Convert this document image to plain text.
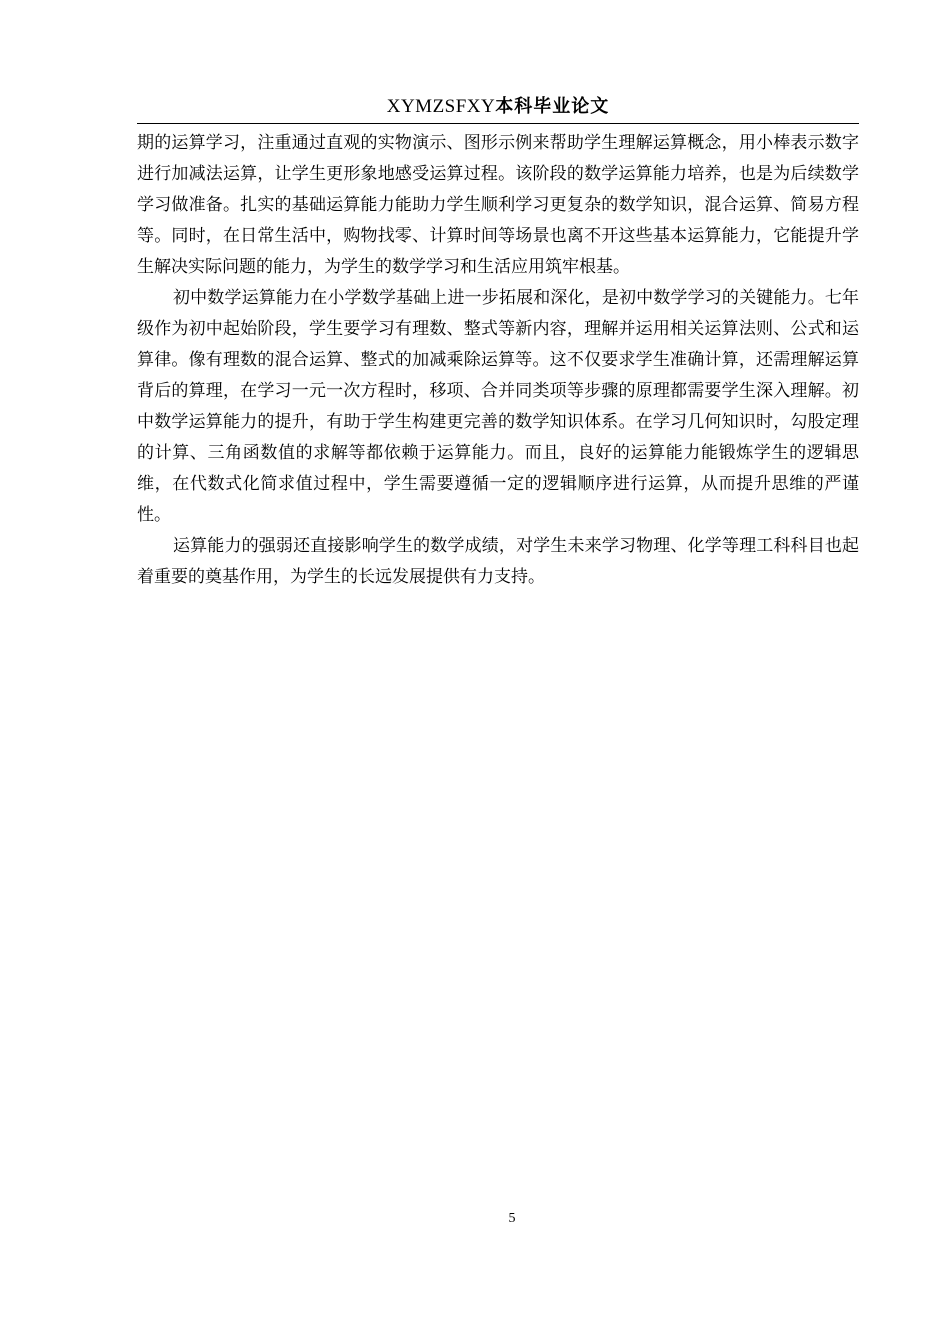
XYMZSFXY本科毕业论文

期的运算学习，注重通过直观的实物演示、图形示例来帮助学生理解运算概念，用小棒表示数字进行加减法运算，让学生更形象地感受运算过程。该阶段的数学运算能力培养，也是为后续数学学习做准备。扎实的基础运算能力能助力学生顺利学习更复杂的数学知识，混合运算、简易方程等。同时，在日常生活中，购物找零、计算时间等场景也离不开这些基本运算能力，它能提升学生解决实际问题的能力，为学生的数学学习和生活应用筑牢根基。

初中数学运算能力在小学数学基础上进一步拓展和深化，是初中数学学习的关键能力。七年级作为初中起始阶段，学生要学习有理数、整式等新内容，理解并运用相关运算法则、公式和运算律。像有理数的混合运算、整式的加减乘除运算等。这不仅要求学生准确计算，还需理解运算背后的算理，在学习一元一次方程时，移项、合并同类项等步骤的原理都需要学生深入理解。初中数学运算能力的提升，有助于学生构建更完善的数学知识体系。在学习几何知识时，勾股定理的计算、三角函数值的求解等都依赖于运算能力。而且，良好的运算能力能锻炼学生的逻辑思维，在代数式化简求值过程中，学生需要遵循一定的逻辑顺序进行运算，从而提升思维的严谨性。

运算能力的强弱还直接影响学生的数学成绩，对学生未来学习物理、化学等理工科科目也起着重要的奠基作用，为学生的长远发展提供有力支持。

5
